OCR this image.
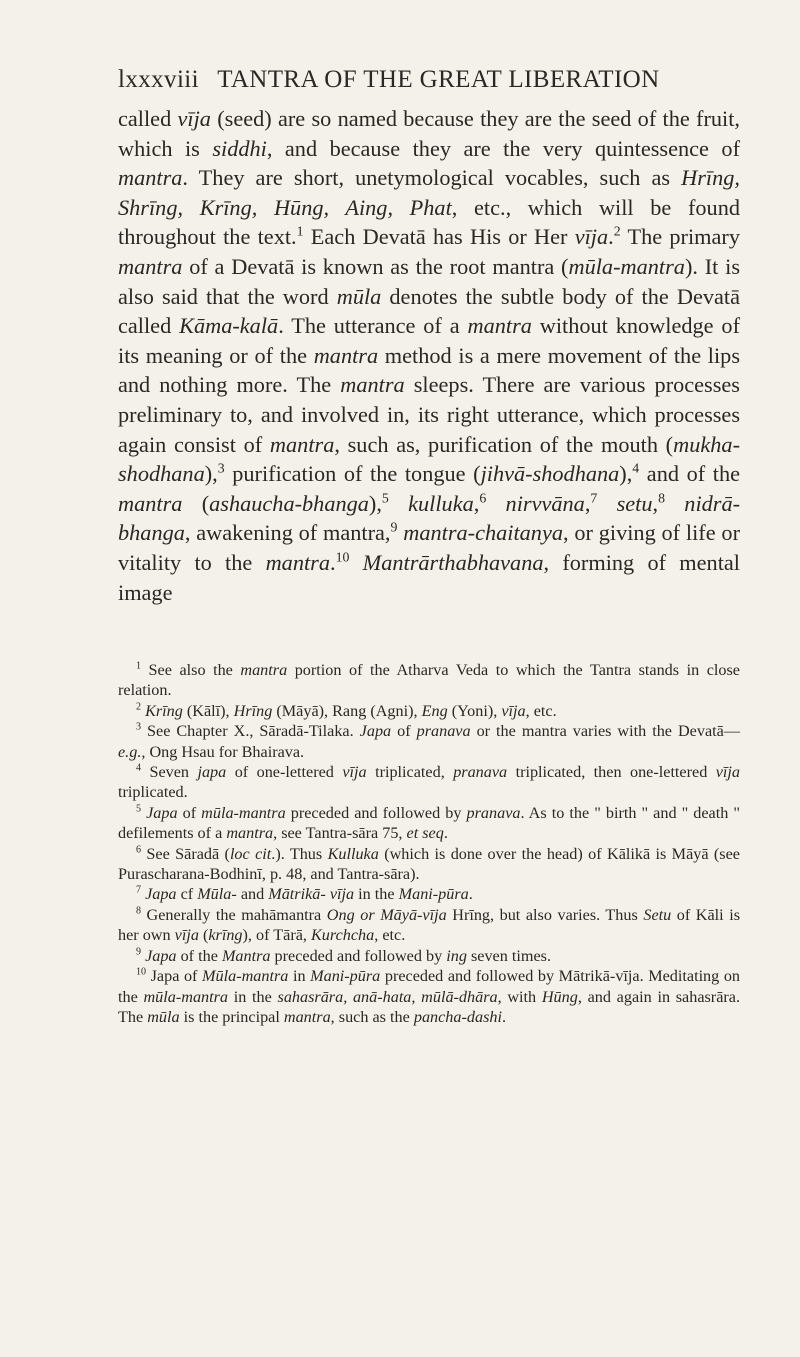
lxxxviii TANTRA OF THE GREAT LIBERATION

called vīja (seed) are so named because they are the seed of the fruit, which is siddhi, and because they are the very quintessence of mantra. They are short, unetymological vocables, such as Hrīng, Shrīng, Krīng, Hūng, Aing, Phat, etc., which will be found throughout the text.$^1$ Each Devatā has His or Her vīja.$^2$ The primary mantra of a Devatā is known as the root mantra (mūla-mantra). It is also said that the word mūla denotes the subtle body of the Devatā called Kāma-kalā. The utterance of a mantra without knowledge of its meaning or of the mantra method is a mere movement of the lips and nothing more. The mantra sleeps. There are various processes preliminary to, and involved in, its right utterance, which processes again consist of mantra, such as, purification of the mouth (mukha-shodhana),$^3$ purification of the tongue (jihvā-shodhana),$^4$ and of the mantra (ashaucha-bhanga),$^5$ kulluka,$^6$ nirvvāna,$^7$ setu,$^8$ nidrā-bhanga, awakening of mantra,$^9$ mantra-chaitanya, or giving of life or vitality to the mantra.$^{10}$ Mantrārthabhavana, forming of mental image

$^1$ See also the mantra portion of the Atharva Veda to which the Tantra stands in close relation.

$^2$ Krīng (Kālī), Hrīng (Māyā), Rang (Agni), Eng (Yoni), vīja, etc.

$^3$ See Chapter X., Sāradā-Tilaka. Japa of pranava or the mantra varies with the Devatā—e.g., Ong Hsau for Bhairava.

$^4$ Seven japa of one-lettered vīja triplicated, pranava triplicated, then one-lettered vīja triplicated.

$^5$ Japa of mūla-mantra preceded and followed by pranava. As to the " birth " and " death " defilements of a mantra, see Tantra-sāra 75, et seq.

$^6$ See Sāradā (loc cit.). Thus Kulluka (which is done over the head) of Kālikā is Māyā (see Purascharana-Bodhinī, p. 48, and Tantra-sāra).

$^7$ Japa cf Mūla- and Mātrikā- vīja in the Mani-pūra.

$^8$ Generally the mahāmantra Ong or Māyā-vīja Hrīng, but also varies. Thus Setu of Kāli is her own vīja (krīng), of Tārā, Kurchcha, etc.

$^9$ Japa of the Mantra preceded and followed by ing seven times.

$^{10}$ Japa of Mūla-mantra in Mani-pūra preceded and followed by Mātrikā-vīja. Meditating on the mūla-mantra in the sahasrāra, anā-hata, mūlā-dhāra, with Hūng, and again in sahasrāra. The mūla is the principal mantra, such as the pancha-dashi.
